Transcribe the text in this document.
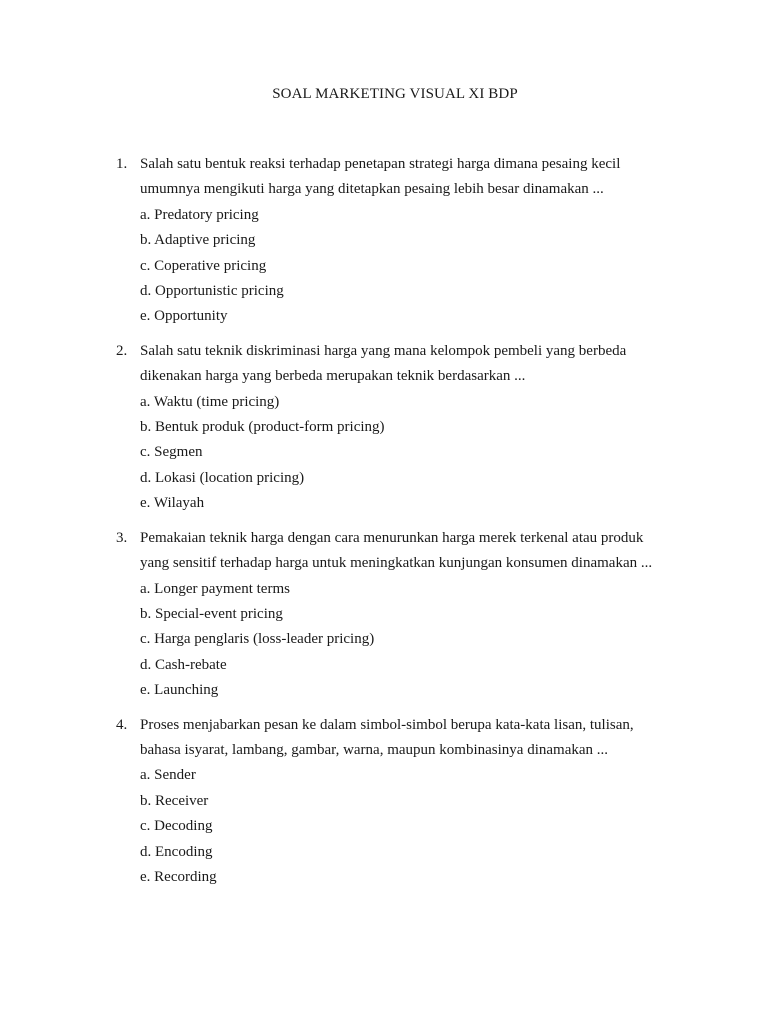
SOAL MARKETING VISUAL XI BDP
1. Salah satu bentuk reaksi terhadap penetapan strategi harga dimana pesaing kecil
umumnya mengikuti harga yang ditetapkan pesaing lebih besar dinamakan ...
a. Predatory pricing
b. Adaptive pricing
c. Coperative pricing
d. Opportunistic pricing
e. Opportunity
2. Salah satu teknik diskriminasi harga yang mana kelompok pembeli yang berbeda
dikenakan harga yang berbeda merupakan teknik berdasarkan ...
a. Waktu (time pricing)
b. Bentuk produk (product-form pricing)
c. Segmen
d. Lokasi (location pricing)
e. Wilayah
3. Pemakaian teknik harga dengan cara menurunkan harga merek terkenal atau produk
yang sensitif terhadap harga untuk meningkatkan kunjungan konsumen dinamakan ...
a. Longer payment terms
b. Special-event pricing
c. Harga penglaris (loss-leader pricing)
d. Cash-rebate
e. Launching
4. Proses menjabarkan pesan ke dalam simbol-simbol berupa kata-kata lisan, tulisan,
bahasa isyarat, lambang, gambar, warna, maupun kombinasinya dinamakan ...
a. Sender
b. Receiver
c. Decoding
d. Encoding
e. Recording
